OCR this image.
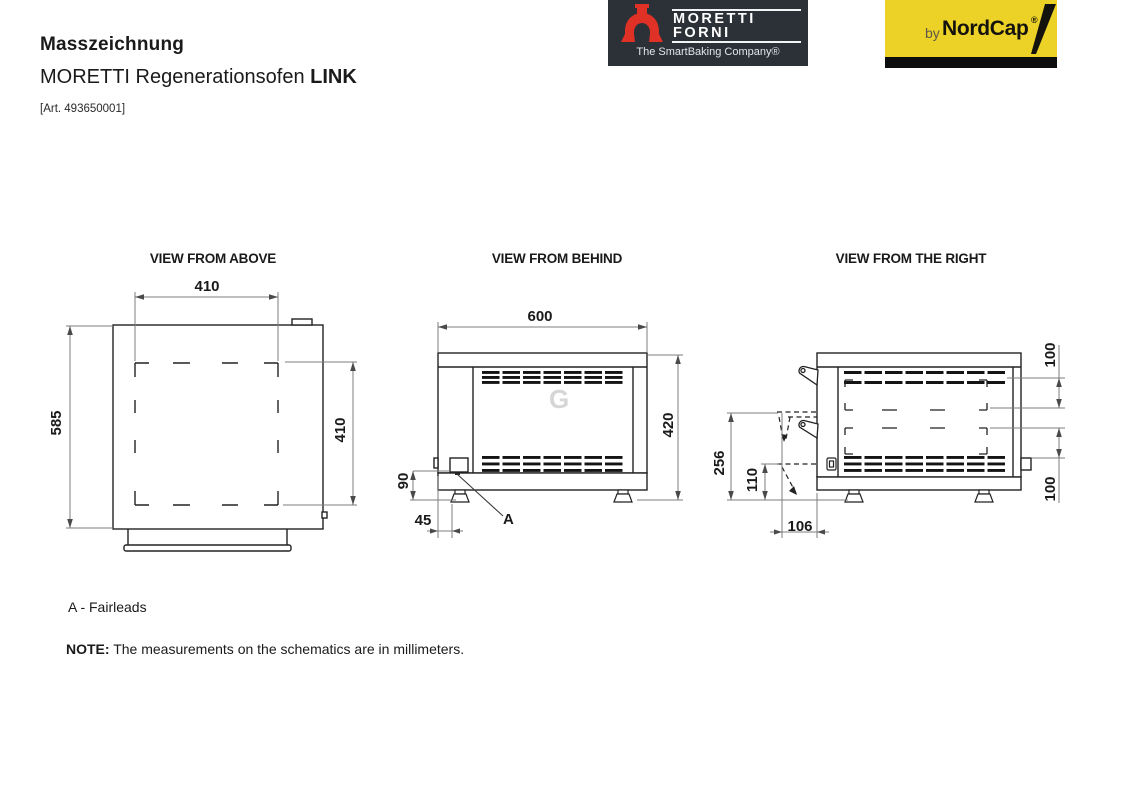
Masszeichnung
MORETTI Regenerationsofen LINK
[Art. 493650001]
MORETTI
FORNI
The SmartBaking Company®
by NordCap ®
VIEW FROM ABOVE	VIEW FROM BEHIND	VIEW FROM THE RIGHT
410
585	410
600
420
90
45	A
G
256
110
106
100
100
A - Fairleads
NOTE: The measurements on the schematics are in millimeters.
